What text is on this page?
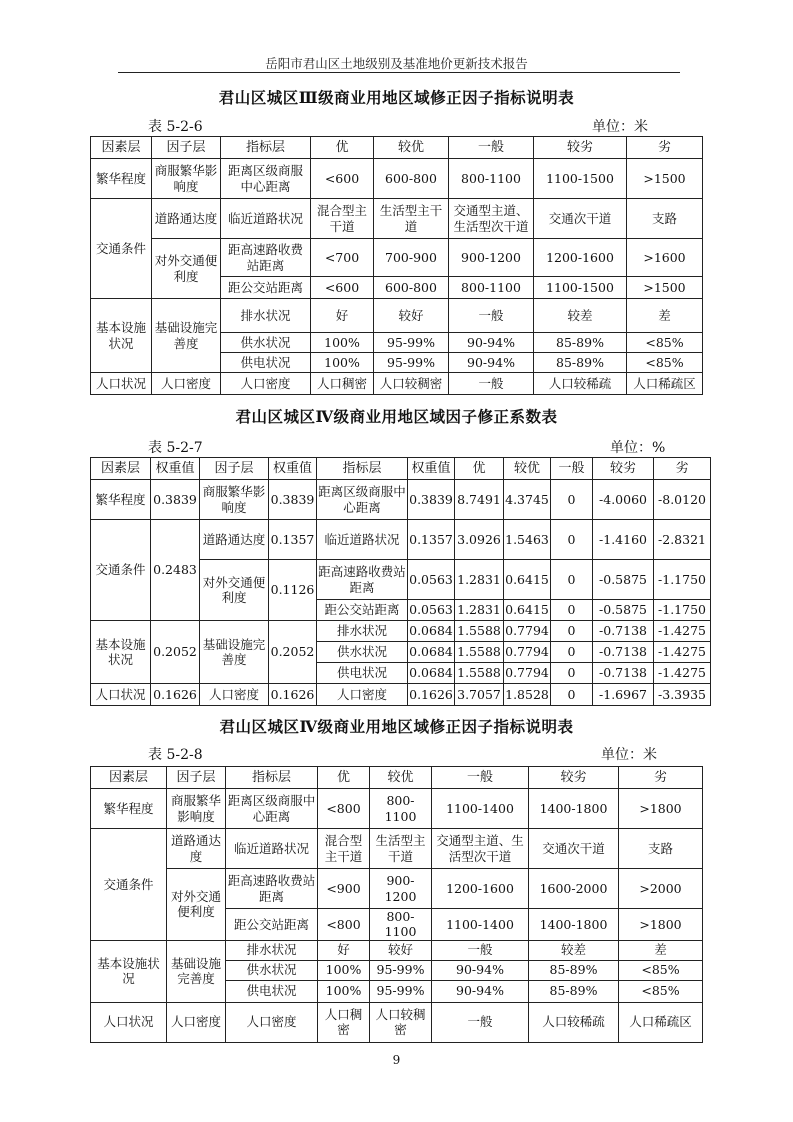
岳阳市君山区土地级别及基准地价更新技术报告
君山区城区Ⅲ级商业用地区域修正因子指标说明表
表 5-2-6	单位：米
因素层	因子层	指标层	优	较优	一般	较劣	劣
繁华程度	商服繁华影响度	距离区级商服中心距离	<600	600-800	800-1100	1100-1500	>1500
交通条件	道路通达度	临近道路状况	混合型主干道	生活型主干道	交通型主道、生活型次干道	交通次干道	支路
	对外交通便利度	距高速路收费站距离	<700	700-900	900-1200	1200-1600	>1600
		距公交站距离	<600	600-800	800-1100	1100-1500	>1500
基本设施状况	基础设施完善度	排水状况	好	较好	一般	较差	差
		供水状况	100%	95-99%	90-94%	85-89%	<85%
		供电状况	100%	95-99%	90-94%	85-89%	<85%
人口状况	人口密度	人口密度	人口稠密	人口较稠密	一般	人口较稀疏	人口稀疏区
君山区城区Ⅳ级商业用地区域因子修正系数表
表 5-2-7	单位：%
因素层	权重值	因子层	权重值	指标层	权重值	优	较优	一般	较劣	劣
繁华程度	0.3839	商服繁华影响度	0.3839	距离区级商服中心距离	0.3839	8.7491	4.3745	0	-4.0060	-8.0120
交通条件	0.2483	道路通达度	0.1357	临近道路状况	0.1357	3.0926	1.5463	0	-1.4160	-2.8321
		对外交通便利度	0.1126	距高速路收费站距离	0.0563	1.2831	0.6415	0	-0.5875	-1.1750
				距公交站距离	0.0563	1.2831	0.6415	0	-0.5875	-1.1750
基本设施状况	0.2052	基础设施完善度	0.2052	排水状况	0.0684	1.5588	0.7794	0	-0.7138	-1.4275
				供水状况	0.0684	1.5588	0.7794	0	-0.7138	-1.4275
				供电状况	0.0684	1.5588	0.7794	0	-0.7138	-1.4275
人口状况	0.1626	人口密度	0.1626	人口密度	0.1626	3.7057	1.8528	0	-1.6967	-3.3935
君山区城区Ⅳ级商业用地区域修正因子指标说明表
表 5-2-8	单位：米
因素层	因子层	指标层	优	较优	一般	较劣	劣
繁华程度	商服繁华影响度	距离区级商服中心距离	<800	800-1100	1100-1400	1400-1800	>1800
交通条件	道路通达度	临近道路状况	混合型主干道	生活型主干道	交通型主道、生活型次干道	交通次干道	支路
	对外交通便利度	距高速路收费站距离	<900	900-1200	1200-1600	1600-2000	>2000
		距公交站距离	<800	800-1100	1100-1400	1400-1800	>1800
基本设施状况	基础设施完善度	排水状况	好	较好	一般	较差	差
		供水状况	100%	95-99%	90-94%	85-89%	<85%
		供电状况	100%	95-99%	90-94%	85-89%	<85%
人口状况	人口密度	人口密度	人口稠密	人口较稠密	一般	人口较稀疏	人口稀疏区
9
